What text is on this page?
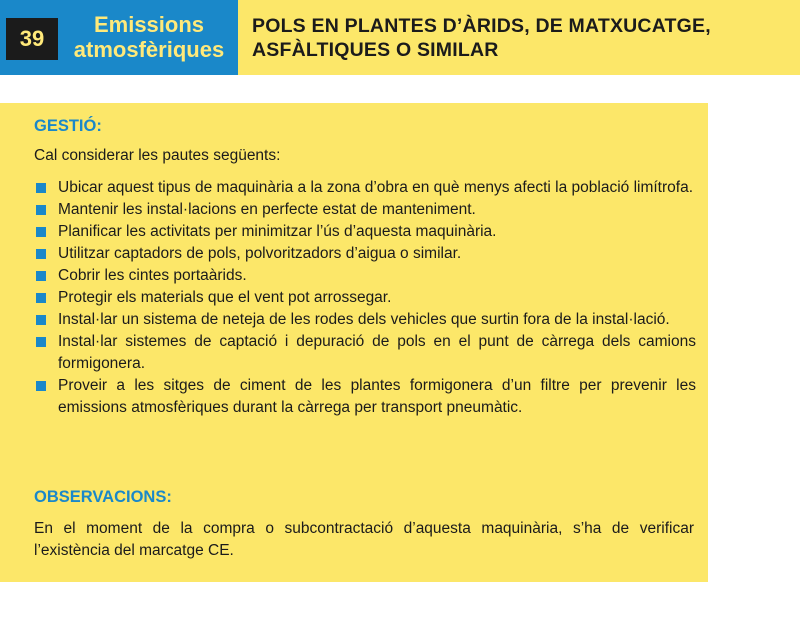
39
Emissions
atmosfèriques
POLS EN PLANTES D’ÀRIDS, DE MATXUCATGE,
ASFÀLTIQUES O SIMILAR
GESTIÓ:
Cal considerar les pautes següents:
Ubicar aquest tipus de maquinària a la zona d’obra en què menys afecti la població limítrofa.
Mantenir les instal·lacions en perfecte estat de manteniment.
Planificar les activitats per minimitzar l’ús d’aquesta maquinària.
Utilitzar captadors de pols, polvoritzadors d’aigua o similar.
Cobrir les cintes portaàrids.
Protegir els materials que el vent pot arrossegar.
Instal·lar un sistema de neteja de les rodes dels vehicles que surtin fora de la instal·lació.
Instal·lar sistemes de captació i depuració de pols en el punt de càrrega dels camions formigonera.
Proveir a les sitges de ciment de les plantes formigonera d’un filtre per prevenir les emissions atmosfèriques durant la càrrega per transport pneumàtic.
OBSERVACIONS:
En el moment de la compra o subcontractació d’aquesta maquinària, s’ha de verificar l’existència del marcatge CE.
